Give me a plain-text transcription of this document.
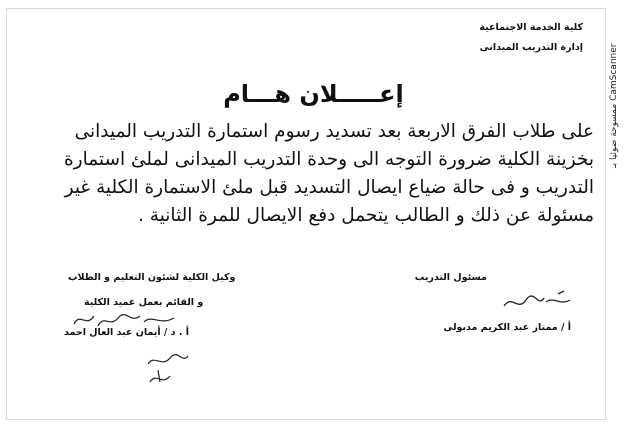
ممسوحة ضوئيا بـ CamScanner
كلية الخدمة الاجتماعية
إدارة التدريب الميدانى
إعـــــلان هـــام
على طلاب الفرق الاربعة بعد تسديد رسوم استمارة التدريب الميدانى
بخزينة الكلية ضرورة التوجه الى وحدة التدريب الميدانى لملئ استمارة
التدريب و فى حالة ضياع ايصال التسديد قبل ملئ الاستمارة الكلية غير
مسئولة عن ذلك و الطالب يتحمل دفع الايصال للمرة الثانية .
مسئول التدريب
أ / ممتاز عبد الكريم مدبولى
وكيل الكلية لشئون التعليم و الطلاب
و القائم بعمل عميد الكلية
أ . د / أيمان عبد العال احمد
